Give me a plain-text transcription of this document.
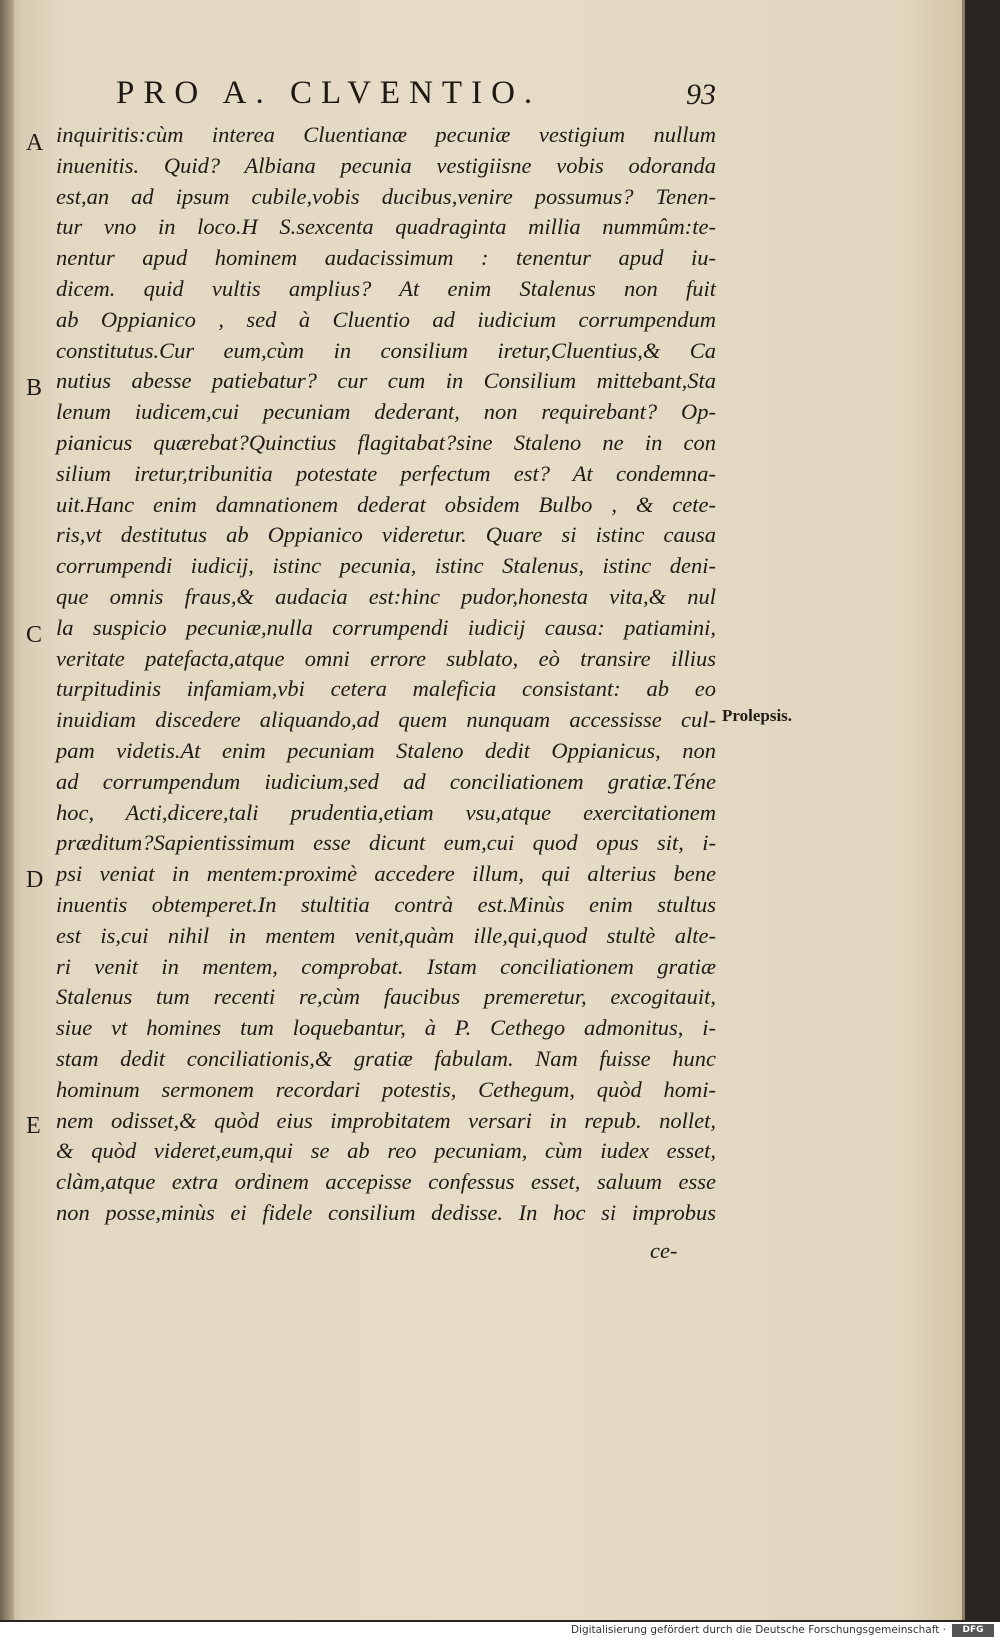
PRO A. CLVENTIO.	93
A
B
C
D
E
inquiritis:cùm interea Cluentianæ pecuniæ vestigium nullum
inuenitis. Quid? Albiana pecunia vestigiisne vobis odoranda
est,an ad ipsum cubile,vobis ducibus,venire possumus? Tenen-
tur vno in loco.H S.sexcenta quadraginta millia nummûm:te-
nentur apud hominem audacissimum : tenentur apud iu-
dicem. quid vultis amplius? At enim Stalenus non fuit
ab Oppianico , sed à Cluentio ad iudicium corrumpendum
constitutus.Cur eum,cùm in consilium iretur,Cluentius,& Ca
nutius abesse patiebatur? cur cum in Consilium mittebant,Sta
lenum iudicem,cui pecuniam dederant, non requirebant? Op-
pianicus quærebat?Quinctius flagitabat?sine Staleno ne in con
silium iretur,tribunitia potestate perfectum est? At condemna-
uit.Hanc enim damnationem dederat obsidem Bulbo , & cete-
ris,vt destitutus ab Oppianico videretur. Quare si istinc causa
corrumpendi iudicij, istinc pecunia, istinc Stalenus, istinc deni-
que omnis fraus,& audacia est:hinc pudor,honesta vita,& nul
la suspicio pecuniæ,nulla corrumpendi iudicij causa: patiamini,
veritate patefacta,atque omni errore sublato, eò transire illius
turpitudinis infamiam,vbi cetera maleficia consistant: ab eo
inuidiam discedere aliquando,ad quem nunquam accessisse cul-
pam videtis.At enim pecuniam Staleno dedit Oppianicus, non
ad corrumpendum iudicium,sed ad conciliationem gratiæ.Téne
hoc, Acti,dicere,tali prudentia,etiam vsu,atque exercitationem
præditum?Sapientissimum esse dicunt eum,cui quod opus sit, i-
psi veniat in mentem:proximè accedere illum, qui alterius bene
inuentis obtemperet.In stultitia contrà est.Minùs enim stultus
est is,cui nihil in mentem venit,quàm ille,qui,quod stultè alte-
ri venit in mentem, comprobat. Istam conciliationem gratiæ
Stalenus tum recenti re,cùm faucibus premeretur, excogitauit,
siue vt homines tum loquebantur, à P. Cethego admonitus, i-
stam dedit conciliationis,& gratiæ fabulam. Nam fuisse hunc
hominum sermonem recordari potestis, Cethegum, quòd homi-
nem odisset,& quòd eius improbitatem versari in repub. nollet,
& quòd videret,eum,qui se ab reo pecuniam, cùm iudex esset,
clàm,atque extra ordinem accepisse confessus esset, saluum esse
non posse,minùs ei fidele consilium dedisse. In hoc si improbus
Prolepsis.
ce-
Digitalisierung gefördert durch die Deutsche Forschungsgemeinschaft ·	DFG
